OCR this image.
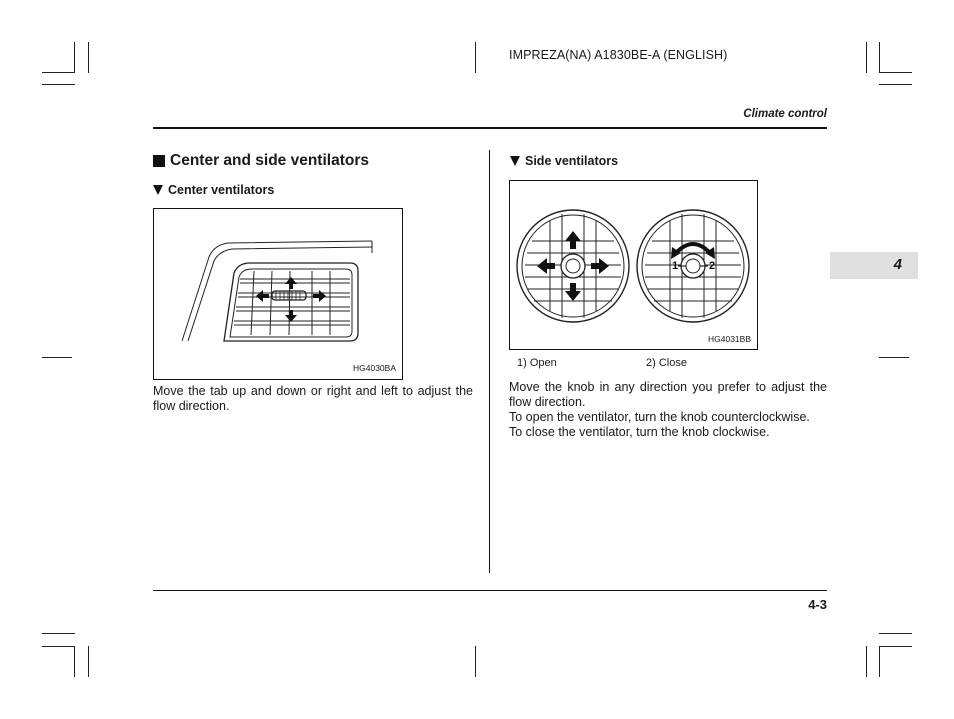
IMPREZA(NA) A1830BE-A (ENGLISH)
Climate control
4
Center and side ventilators
Center ventilators
HG4030BA
Move the tab up and down or right and left to adjust the flow direction.
Side ventilators
1	2
HG4031BB
1) Open	2) Close

Move the knob in any direction you prefer to adjust the flow direction.

To open the ventilator, turn the knob counterclockwise.

To close the ventilator, turn the knob clockwise.

4-3
